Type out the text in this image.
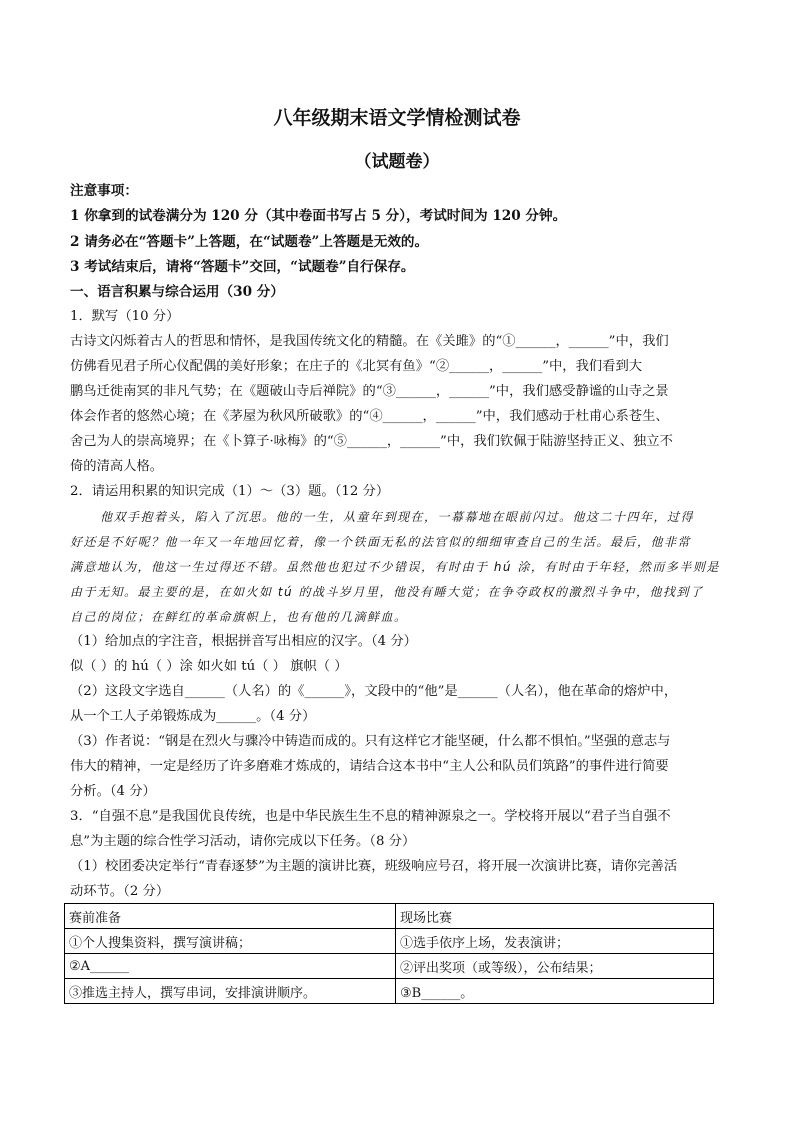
八年级期末语文学情检测试卷
（试题卷）
注意事项：
1 你拿到的试卷满分为 120 分（其中卷面书写占 5 分），考试时间为 120 分钟。
2 请务必在“答题卡”上答题，在“试题卷”上答题是无效的。
3 考试结束后，请将“答题卡”交回，“试题卷”自行保存。
一、语言积累与综合运用（30 分）
1．默写（10 分）
古诗文闪烁着古人的哲思和情怀，是我国传统文化的精髓。在《关雎》的“①______，______”中，我们
仿佛看见君子所心仪配偶的美好形象；在庄子的《北冥有鱼》“②______，______”中，我们看到大
鹏鸟迁徙南冥的非凡气势；在《题破山寺后禅院》的“③______，______”中，我们感受静谧的山寺之景
体会作者的悠然心境；在《茅屋为秋风所破歌》的“④______，______”中，我们感动于杜甫心系苍生、
舍己为人的崇高境界；在《卜算子·咏梅》的“⑤______，______”中，我们钦佩于陆游坚持正义、独立不
倚的清高人格。
2．请运用积累的知识完成（1）～（3）题。（12 分）
他双手抱着头，陷入了沉思。他的一生，从童年到现在，一幕幕地在眼前闪过。他这二十四年，过得
好还是不好呢？他一年又一年地回忆着，像一个铁面无私的法官似的细细审查自己的生活。最后，他非常
满意地认为，他这一生过得还不错。虽然他也犯过不少错误，有时由于 hú 涂，有时由于年轻，然而多半则是
由于无知。最主要的是，在如火如 tú 的战斗岁月里，他没有睡大觉；在争夺政权的激烈斗争中，他找到了
自己的岗位；在鲜红的革命旗帜上，也有他的几滴鲜血。
（1）给加点的字注音，根据拼音写出相应的汉字。（4 分）
似（ ）的 hú（ ）涂 如火如 tú（ ） 旗帜（ ）
（2）这段文字选自______（人名）的《______》，文段中的“他”是______（人名），他在革命的熔炉中，
从一个工人子弟锻炼成为______。（4 分）
（3）作者说：“钢是在烈火与骤冷中铸造而成的。只有这样它才能坚硬，什么都不惧怕。”坚强的意志与
伟大的精神，一定是经历了许多磨难才炼成的，请结合这本书中“主人公和队员们筑路”的事件进行简要
分析。（4 分）
3．“自强不息”是我国优良传统，也是中华民族生生不息的精神源泉之一。学校将开展以“君子当自强不
息”为主题的综合性学习活动，请你完成以下任务。（8 分）
（1）校团委决定举行“青春逐梦”为主题的演讲比赛，班级响应号召，将开展一次演讲比赛，请你完善活
动环节。（2 分）
赛前准备	现场比赛
①个人搜集资料，撰写演讲稿；	①选手依序上场，发表演讲；
②A______	②评出奖项（或等级），公布结果；
③推选主持人，撰写串词，安排演讲顺序。	③B______。
